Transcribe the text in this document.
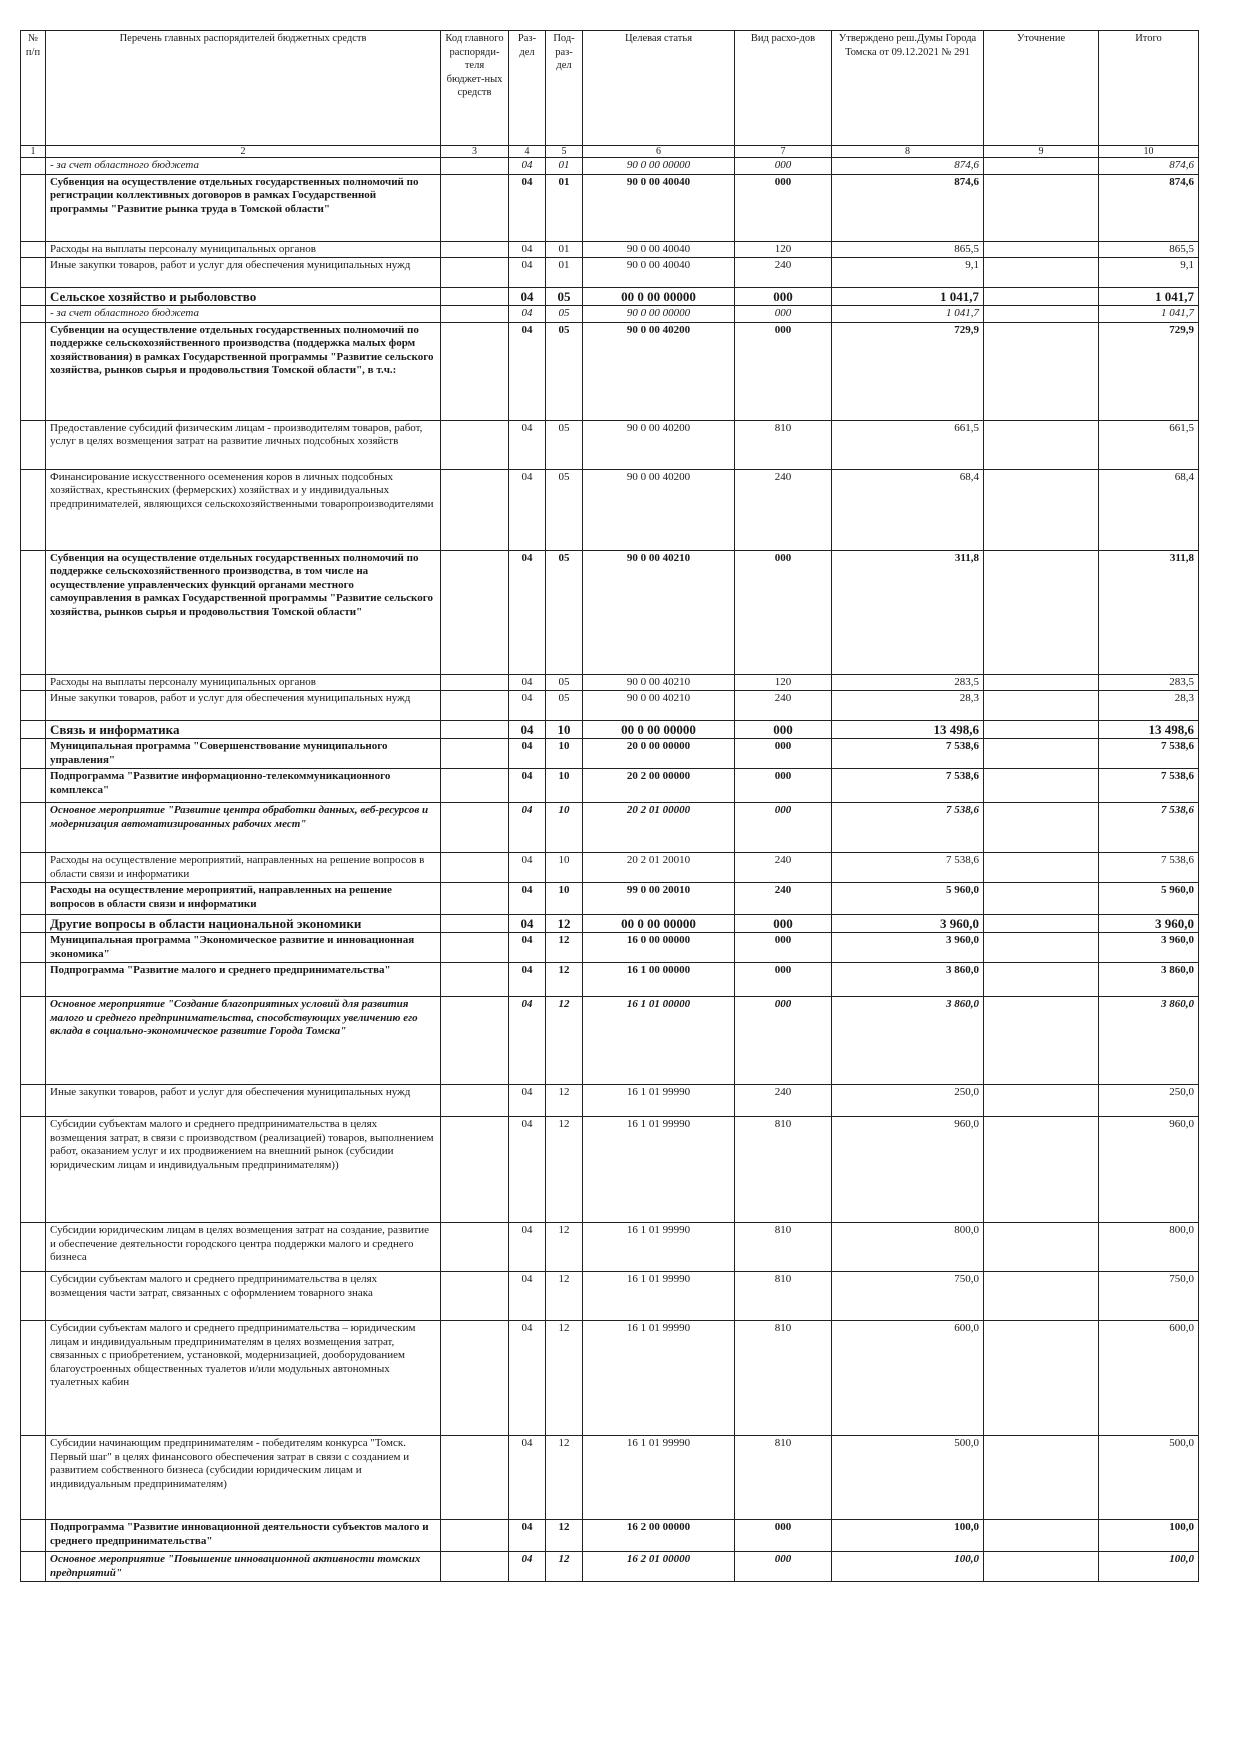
№ п/п	Перечень главных распорядителей бюджетных средств	Код главного распоряди-теля бюджет-ных средств	Раз-дел	Под-раз-дел	Целевая статья	Вид расхо-дов	Утверждено реш.Думы Города Томска от 09.12.2021 № 291	Уточнение	Итого
1	2	3	4	5	6	7	8	9	10
	- за счет областного бюджета		04	01	90 0 00 00000	000	874,6		874,6
	Субвенция на осуществление отдельных государственных полномочий по регистрации коллективных договоров в рамках Государственной программы "Развитие рынка труда в Томской области"		04	01	90 0 00 40040	000	874,6		874,6
	Расходы на выплаты персоналу муниципальных органов		04	01	90 0 00 40040	120	865,5		865,5
	Иные закупки товаров, работ и услуг для обеспечения муниципальных нужд		04	01	90 0 00 40040	240	9,1		9,1
	Сельское хозяйство и рыболовство		04	05	00 0 00 00000	000	1 041,7		1 041,7
	- за счет областного бюджета		04	05	90 0 00 00000	000	1 041,7		1 041,7
	Субвенции на осуществление отдельных государственных полномочий по поддержке сельскохозяйственного производства (поддержка малых форм хозяйствования) в рамках Государственной программы "Развитие сельского хозяйства, рынков сырья и продовольствия Томской области", в т.ч.:		04	05	90 0 00 40200	000	729,9		729,9
	Предоставление субсидий физическим лицам - производителям товаров, работ, услуг в целях возмещения затрат на развитие личных подсобных хозяйств		04	05	90 0 00 40200	810	661,5		661,5
	Финансирование искусственного осеменения коров в личных подсобных хозяйствах, крестьянских (фермерских) хозяйствах и у индивидуальных предпринимателей, являющихся сельскохозяйственными товаропроизводителями		04	05	90 0 00 40200	240	68,4		68,4
	Субвенция на осуществление отдельных государственных полномочий по поддержке сельскохозяйственного производства, в том числе на осуществление управленческих функций органами местного самоуправления в рамках Государственной программы "Развитие сельского хозяйства, рынков сырья и продовольствия Томской области"		04	05	90 0 00 40210	000	311,8		311,8
	Расходы на выплаты персоналу муниципальных органов		04	05	90 0 00 40210	120	283,5		283,5
	Иные закупки товаров, работ и услуг для обеспечения муниципальных нужд		04	05	90 0 00 40210	240	28,3		28,3
	Связь и информатика		04	10	00 0 00 00000	000	13 498,6		13 498,6
	Муниципальная программа "Совершенствование муниципального управления"		04	10	20 0 00 00000	000	7 538,6		7 538,6
	Подпрограмма "Развитие информационно-телекоммуникационного комплекса"		04	10	20 2 00 00000	000	7 538,6		7 538,6
	Основное мероприятие "Развитие центра обработки данных, веб-ресурсов и модернизация автоматизированных рабочих мест"		04	10	20 2 01 00000	000	7 538,6		7 538,6
	Расходы на осуществление мероприятий, направленных на решение вопросов в области связи и информатики		04	10	20 2 01 20010	240	7 538,6		7 538,6
	Расходы на осуществление мероприятий, направленных на решение вопросов в области связи и информатики		04	10	99 0 00 20010	240	5 960,0		5 960,0
	Другие вопросы в области национальной экономики		04	12	00 0 00 00000	000	3 960,0		3 960,0
	Муниципальная программа "Экономическое развитие и инновационная экономика"		04	12	16 0 00 00000	000	3 960,0		3 960,0
	Подпрограмма "Развитие малого и среднего предпринимательства"		04	12	16 1 00 00000	000	3 860,0		3 860,0
	Основное мероприятие "Создание благоприятных условий для развития малого и среднего предпринимательства, способствующих увеличению его вклада в социально-экономическое развитие Города Томска"		04	12	16 1 01 00000	000	3 860,0		3 860,0
	Иные закупки товаров, работ и услуг для обеспечения муниципальных нужд		04	12	16 1 01 99990	240	250,0		250,0
	Субсидии субъектам малого и среднего предпринимательства в целях возмещения затрат, в связи с производством (реализацией) товаров, выполнением работ, оказанием услуг и их продвижением на внешний рынок (субсидии юридическим лицам и индивидуальным предпринимателям))		04	12	16 1 01 99990	810	960,0		960,0
	Субсидии юридическим лицам в целях возмещения затрат на создание, развитие и обеспечение деятельности городского центра поддержки малого и среднего бизнеса		04	12	16 1 01 99990	810	800,0		800,0
	Субсидии субъектам малого и среднего предпринимательства в целях возмещения части затрат, связанных с оформлением товарного знака		04	12	16 1 01 99990	810	750,0		750,0
	Субсидии субъектам малого и среднего предпринимательства – юридическим лицам и индивидуальным предпринимателям в целях возмещения затрат, связанных с приобретением, установкой, модернизацией, дооборудованием благоустроенных общественных туалетов и/или модульных автономных туалетных кабин		04	12	16 1 01 99990	810	600,0		600,0
	Субсидии начинающим предпринимателям - победителям конкурса "Томск. Первый шаг" в целях финансового обеспечения затрат в связи с созданием и развитием собственного бизнеса (субсидии юридическим лицам и индивидуальным предпринимателям)		04	12	16 1 01 99990	810	500,0		500,0
	Подпрограмма "Развитие инновационной деятельности субъектов малого и среднего предпринимательства"		04	12	16 2 00 00000	000	100,0		100,0
	Основное мероприятие "Повышение инновационной активности томских предприятий"		04	12	16 2 01 00000	000	100,0		100,0
